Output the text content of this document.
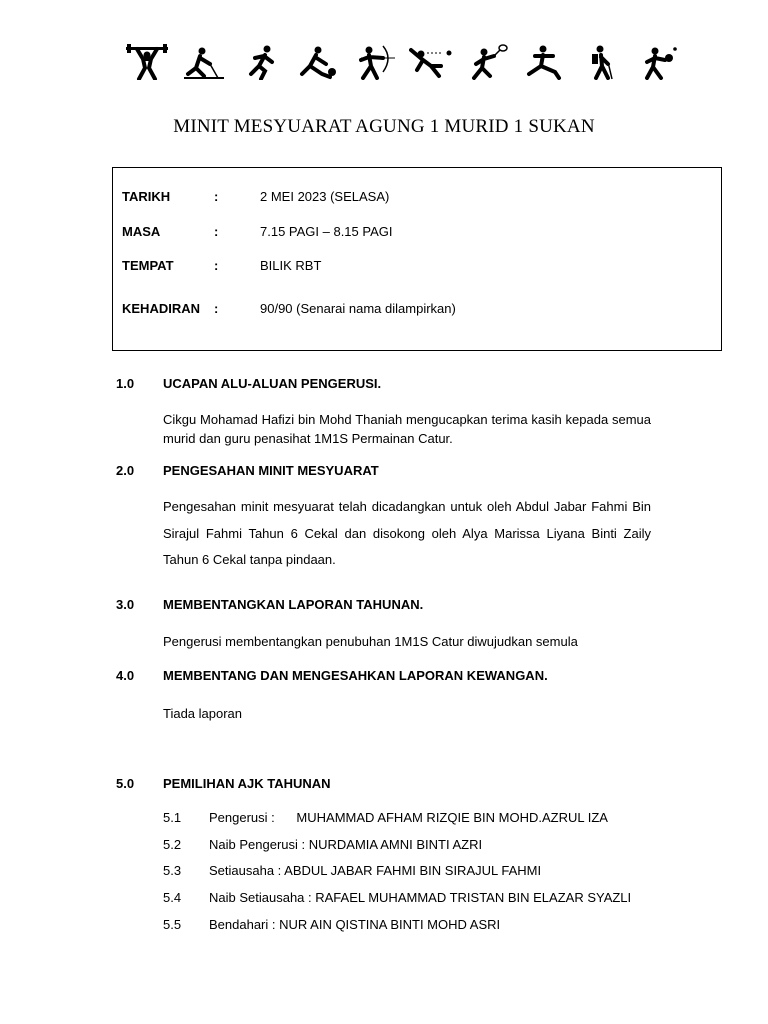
MINIT MESYUARAT AGUNG 1 MURID 1 SUKAN
TARIKH	:	2 MEI 2023 (SELASA)
MASA	:	7.15 PAGI – 8.15 PAGI
TEMPAT	:	BILIK RBT
KEHADIRAN :	90/90 (Senarai nama dilampirkan)
1.0 UCAPAN ALU-ALUAN PENGERUSI.
Cikgu Mohamad Hafizi bin Mohd Thaniah mengucapkan terima kasih kepada semua murid dan guru penasihat 1M1S Permainan Catur.
2.0 PENGESAHAN MINIT MESYUARAT
Pengesahan minit mesyuarat telah dicadangkan untuk oleh Abdul Jabar Fahmi Bin Sirajul Fahmi Tahun 6 Cekal dan disokong oleh Alya Marissa Liyana Binti Zaily Tahun 6 Cekal tanpa pindaan.
3.0 MEMBENTANGKAN LAPORAN TAHUNAN.
Pengerusi membentangkan penubuhan 1M1S Catur diwujudkan semula
4.0 MEMBENTANG DAN MENGESAHKAN LAPORAN KEWANGAN.
Tiada laporan
5.0 PEMILIHAN AJK TAHUNAN
5.1 Pengerusi :      MUHAMMAD AFHAM RIZQIE BIN MOHD.AZRUL IZA
5.2 Naib Pengerusi : NURDAMIA AMNI BINTI AZRI
5.3 Setiausaha : ABDUL JABAR FAHMI BIN SIRAJUL FAHMI
5.4 Naib Setiausaha : RAFAEL MUHAMMAD TRISTAN BIN ELAZAR SYAZLI
5.5 Bendahari : NUR AIN QISTINA BINTI MOHD ASRI
